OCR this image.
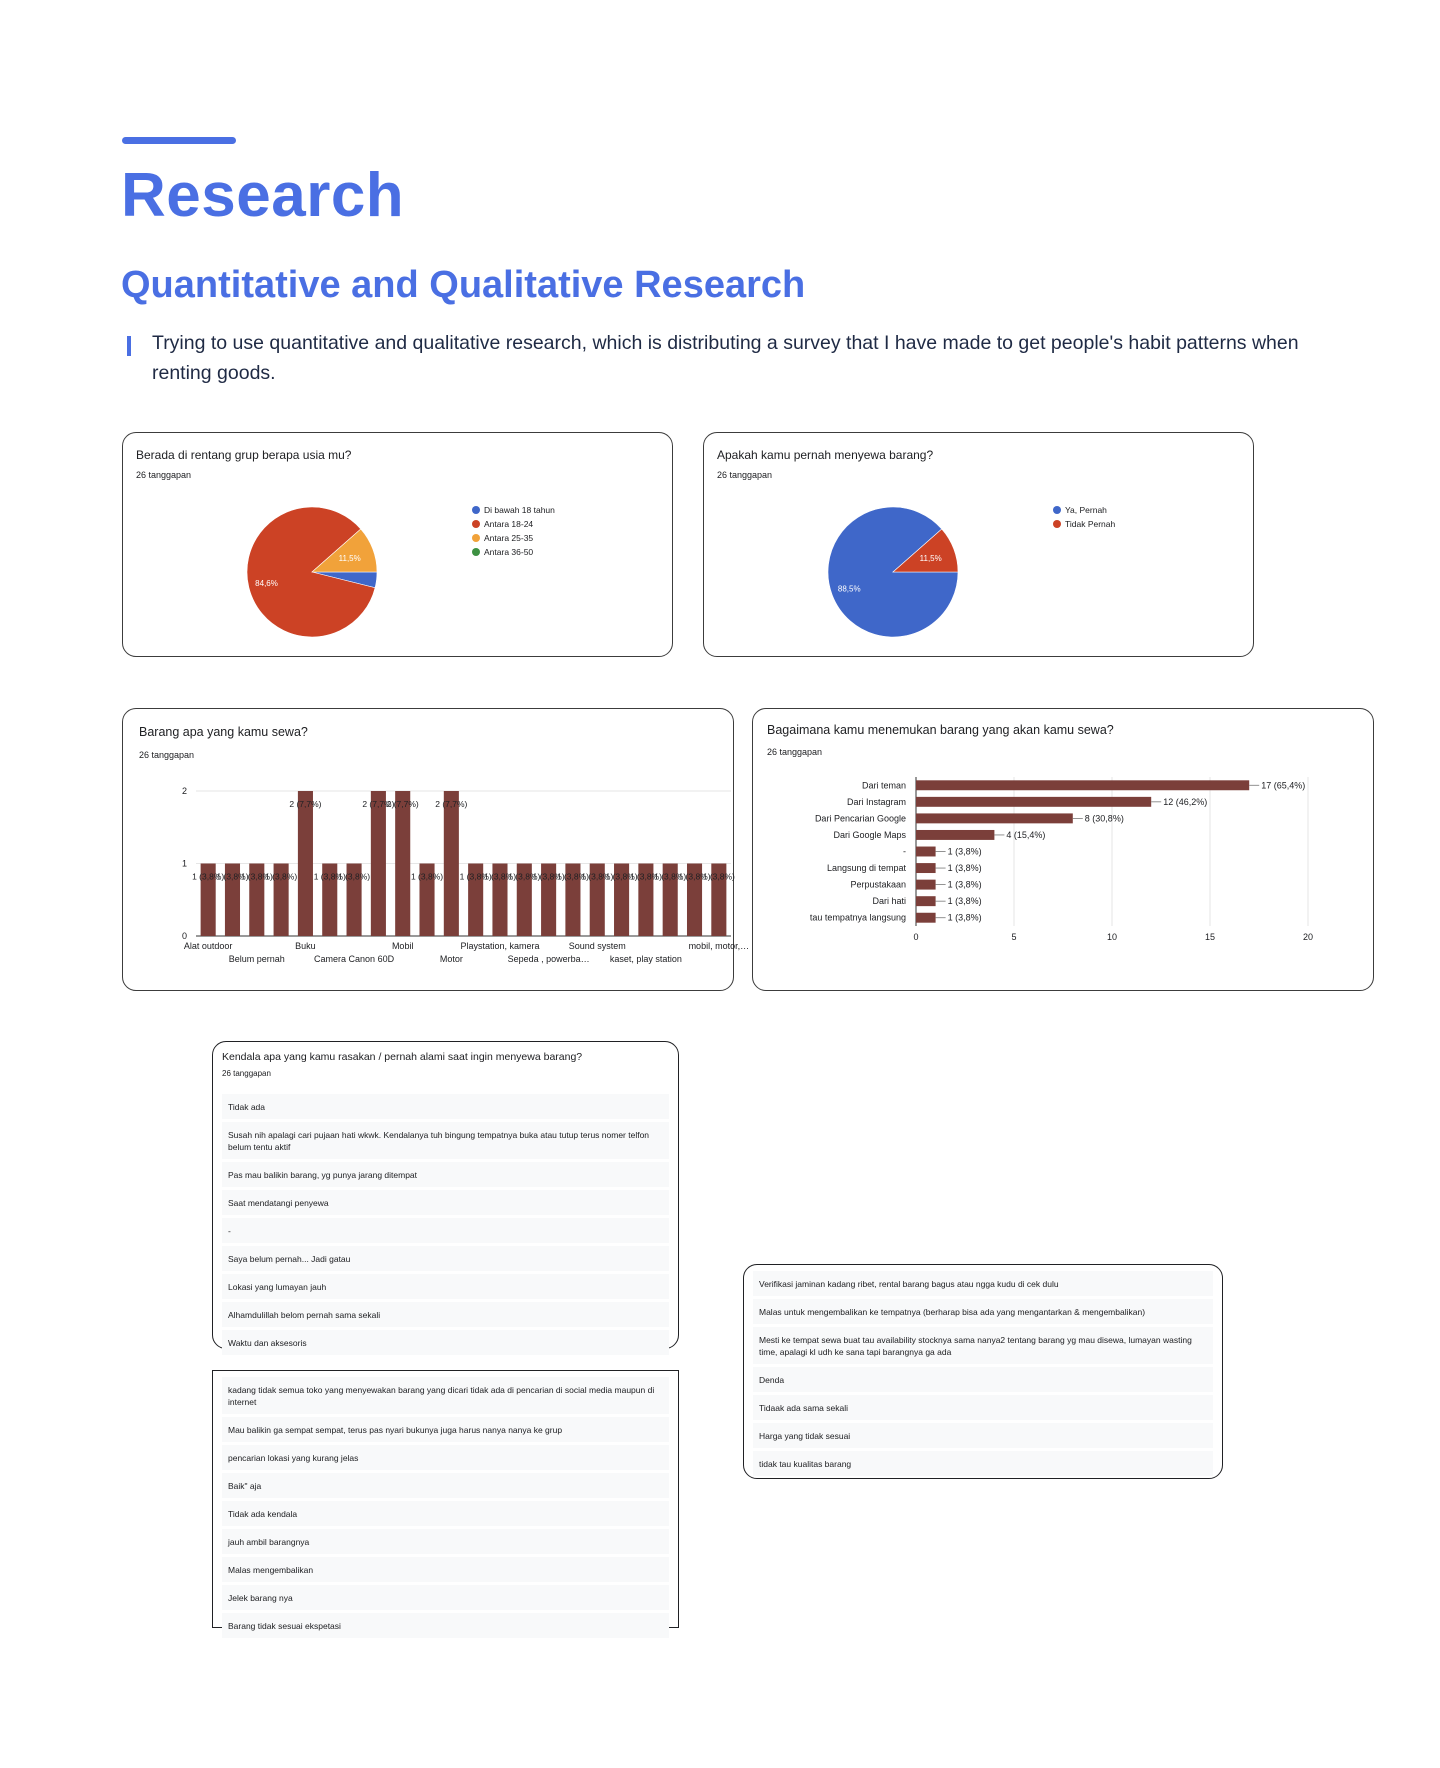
Research
Quantitative and Qualitative Research

Trying to use quantitative and qualitative research, which is distributing a survey that I have made to get people's habit patterns when renting goods.

Berada di rentang grup berapa usia mu?
26 tanggapan
84,6%
11,5%
Di bawah 18 tahun
Antara 18-24
Antara 25-35
Antara 36-50
Apakah kamu pernah menyewa barang?
26 tanggapan
88,5%
11,5%
Ya, Pernah
Tidak Pernah
Barang apa yang kamu sewa?
26 tanggapan
0
1
2
1 (3,8%)
1 (3,8%)
1 (3,8%)
1 (3,8%)
2 (7,7%)
1 (3,8%)
1 (3,8%)
2 (7,7%)
2 (7,7%)
1 (3,8%)
2 (7,7%)
1 (3,8%)
1 (3,8%)
1 (3,8%)
1 (3,8%)
1 (3,8%)
1 (3,8%)
1 (3,8%)
1 (3,8%)
1 (3,8%)
1 (3,8%)
1 (3,8%)
Alat outdoor
Belum pernah
Buku
Camera Canon 60D
Mobil
Motor
Playstation, kamera
Sepeda , powerba…
Sound system
kaset, play station
mobil, motor,…
Bagaimana kamu menemukan barang yang akan kamu sewa?
26 tanggapan
0	5	10	15	20
Dari teman	17 (65,4%)
Dari Instagram	12 (46,2%)
Dari Pencarian Google	8 (30,8%)
Dari Google Maps	4 (15,4%)
-	1 (3,8%)
Langsung di tempat	1 (3,8%)
Perpustakaan	1 (3,8%)
Dari hati	1 (3,8%)
tau tempatnya langsung	1 (3,8%)
Kendala apa yang kamu rasakan / pernah alami saat ingin menyewa barang?
26 tanggapan
Tidak ada
Susah nih apalagi cari pujaan hati wkwk. Kendalanya tuh bingung tempatnya buka atau tutup terus nomer telfon belum tentu aktif
Pas mau balikin barang, yg punya jarang ditempat
Saat mendatangi penyewa
-
Saya belum pernah... Jadi gatau
Lokasi yang lumayan jauh
Alhamdulillah belom pernah sama sekali
Waktu dan aksesoris
kadang tidak semua toko yang menyewakan barang yang dicari tidak ada di pencarian di social media maupun di internet
Mau balikin ga sempat sempat, terus pas nyari bukunya juga harus nanya nanya ke grup
pencarian lokasi yang kurang jelas
Baik" aja
Tidak ada kendala
jauh ambil barangnya
Malas mengembalikan
Jelek barang nya
Barang tidak sesuai ekspetasi
Verifikasi jaminan kadang ribet, rental barang bagus atau ngga kudu di cek dulu
Malas untuk mengembalikan ke tempatnya (berharap bisa ada yang mengantarkan & mengembalikan)
Mesti ke tempat sewa buat tau availability stocknya sama nanya2 tentang barang yg mau disewa, lumayan wasting time, apalagi kl udh ke sana tapi barangnya ga ada
Denda
Tidaak ada sama sekali
Harga yang tidak sesuai
tidak tau kualitas barang
